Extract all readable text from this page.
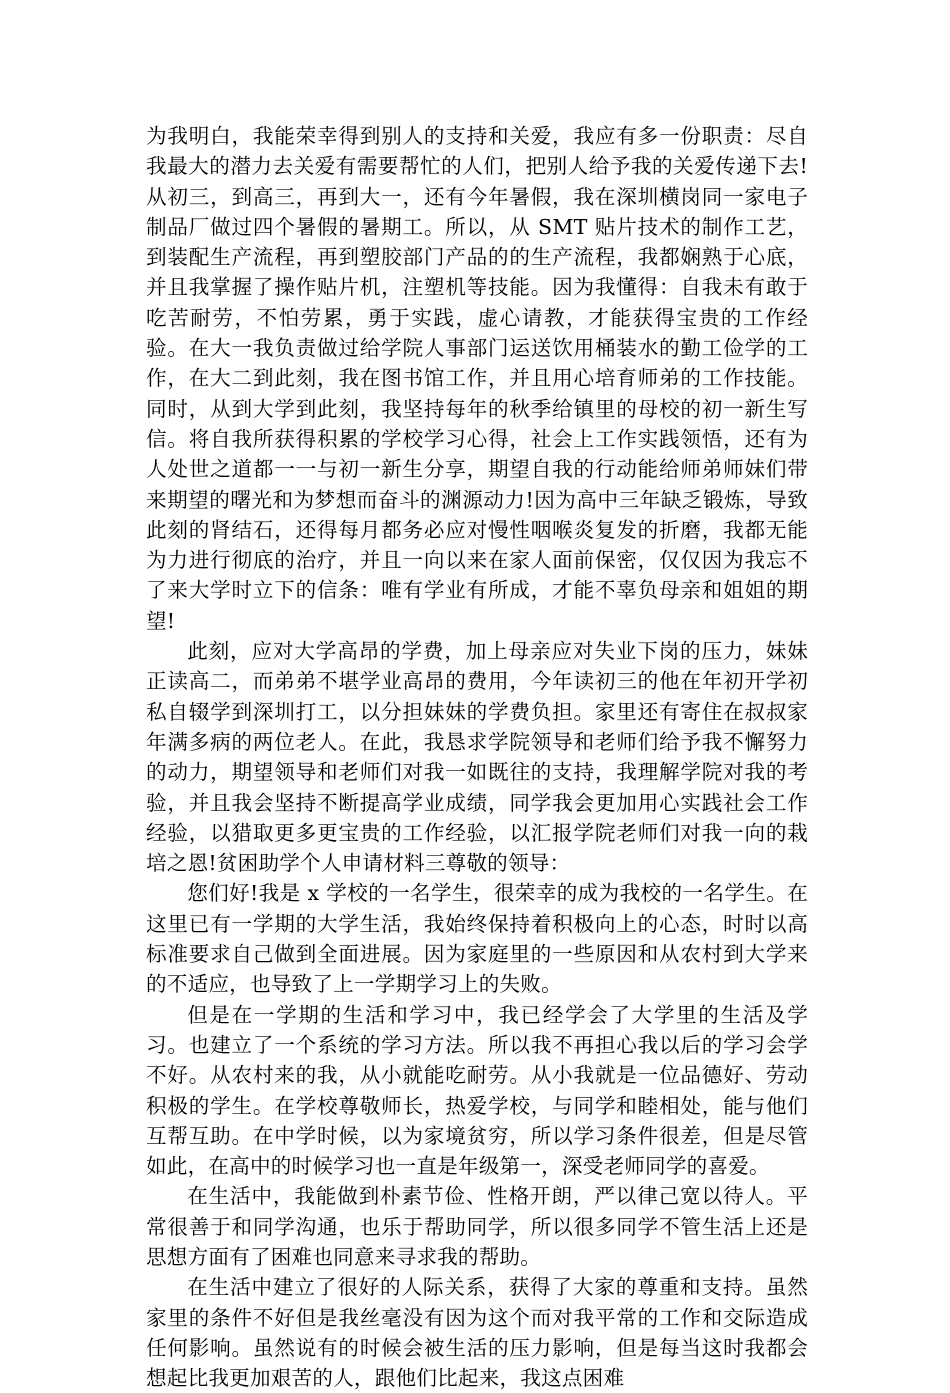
为我明白，我能荣幸得到别人的支持和关爱，我应有多一份职责：尽自我最大的潜力去关爱有需要帮忙的人们，把别人给予我的关爱传递下去!从初三，到高三，再到大一，还有今年暑假，我在深圳横岗同一家电子制品厂做过四个暑假的暑期工。所以，从 SMT 贴片技术的制作工艺，到装配生产流程，再到塑胶部门产品的的生产流程，我都娴熟于心底，并且我掌握了操作贴片机，注塑机等技能。因为我懂得：自我未有敢于吃苦耐劳，不怕劳累，勇于实践，虚心请教，才能获得宝贵的工作经验。在大一我负责做过给学院人事部门运送饮用桶装水的勤工俭学的工作，在大二到此刻，我在图书馆工作，并且用心培育师弟的工作技能。同时，从到大学到此刻，我坚持每年的秋季给镇里的母校的初一新生写信。将自我所获得积累的学校学习心得，社会上工作实践领悟，还有为人处世之道都一一与初一新生分享，期望自我的行动能给师弟师妹们带来期望的曙光和为梦想而奋斗的渊源动力!因为高中三年缺乏锻炼，导致此刻的肾结石，还得每月都务必应对慢性咽喉炎复发的折磨，我都无能为力进行彻底的治疗，并且一向以来在家人面前保密，仅仅因为我忘不了来大学时立下的信条：唯有学业有所成，才能不辜负母亲和姐姐的期望!

此刻，应对大学高昂的学费，加上母亲应对失业下岗的压力，妹妹正读高二，而弟弟不堪学业高昂的费用，今年读初三的他在年初开学初私自辍学到深圳打工，以分担妹妹的学费负担。家里还有寄住在叔叔家年满多病的两位老人。在此，我恳求学院领导和老师们给予我不懈努力的动力，期望领导和老师们对我一如既往的支持，我理解学院对我的考验，并且我会坚持不断提高学业成绩，同学我会更加用心实践社会工作经验，以猎取更多更宝贵的工作经验，以汇报学院老师们对我一向的栽培之恩!贫困助学个人申请材料三尊敬的领导：

您们好!我是 x 学校的一名学生，很荣幸的成为我校的一名学生。在这里已有一学期的大学生活，我始终保持着积极向上的心态，时时以高标准要求自己做到全面进展。因为家庭里的一些原因和从农村到大学来的不适应，也导致了上一学期学习上的失败。

但是在一学期的生活和学习中，我已经学会了大学里的生活及学习。也建立了一个系统的学习方法。所以我不再担心我以后的学习会学不好。从农村来的我，从小就能吃耐劳。从小我就是一位品德好、劳动积极的学生。在学校尊敬师长，热爱学校，与同学和睦相处，能与他们互帮互助。在中学时候，以为家境贫穷，所以学习条件很差，但是尽管如此，在高中的时候学习也一直是年级第一，深受老师同学的喜爱。

在生活中，我能做到朴素节俭、性格开朗，严以律己宽以待人。平常很善于和同学沟通，也乐于帮助同学，所以很多同学不管生活上还是思想方面有了困难也同意来寻求我的帮助。

在生活中建立了很好的人际关系，获得了大家的尊重和支持。虽然家里的条件不好但是我丝毫没有因为这个而对我平常的工作和交际造成任何影响。虽然说有的时候会被生活的压力影响，但是每当这时我都会想起比我更加艰苦的人，跟他们比起来，我这点困难
